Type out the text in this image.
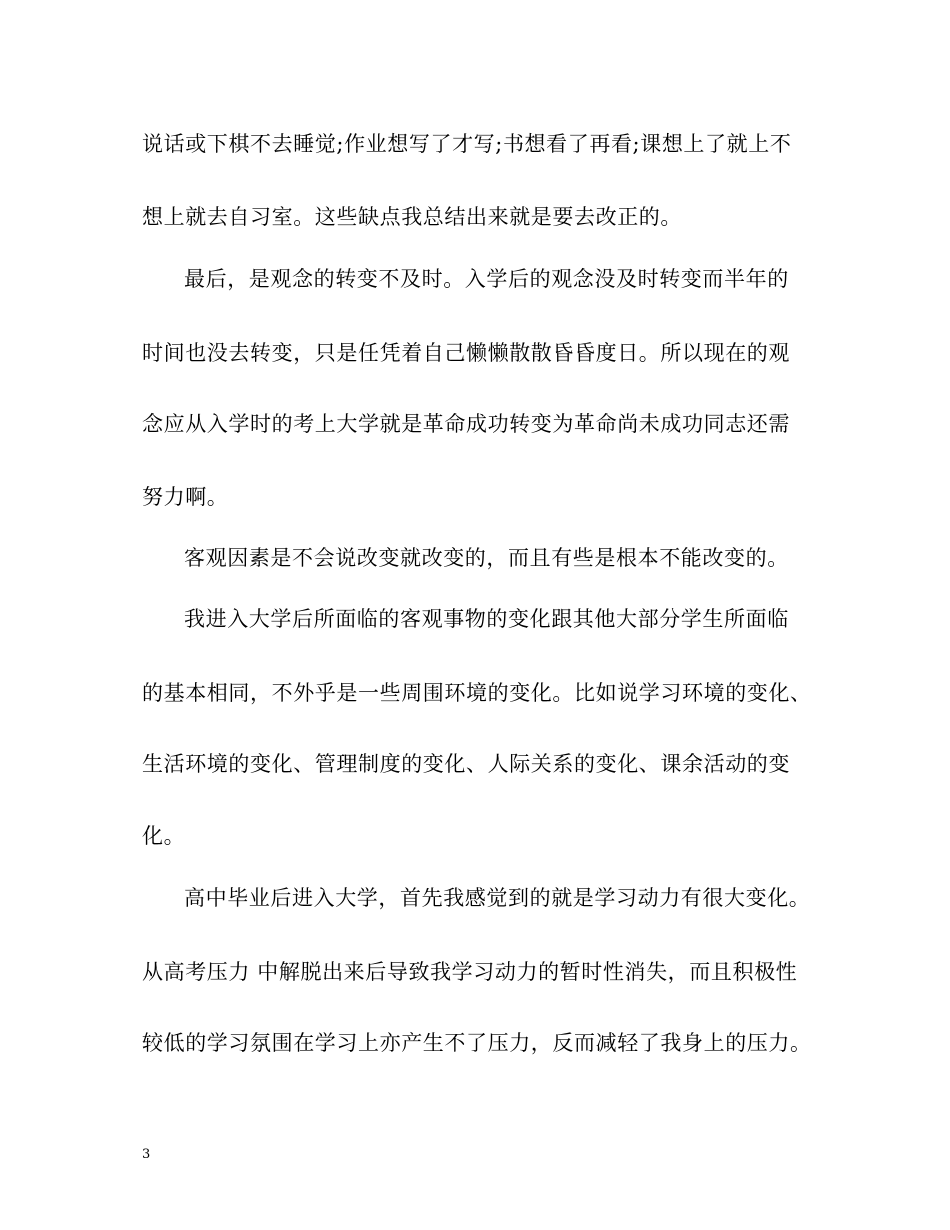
说话或下棋不去睡觉;作业想写了才写;书想看了再看;课想上了就上不
想上就去自习室。这些缺点我总结出来就是要去改正的。
最后，是观念的转变不及时。入学后的观念没及时转变而半年的
时间也没去转变，只是任凭着自己懒懒散散昏昏度日。所以现在的观
念应从入学时的考上大学就是革命成功转变为革命尚未成功同志还需
努力啊。
客观因素是不会说改变就改变的，而且有些是根本不能改变的。
我进入大学后所面临的客观事物的变化跟其他大部分学生所面临
的基本相同，不外乎是一些周围环境的变化。比如说学习环境的变化、
生活环境的变化、管理制度的变化、人际关系的变化、课余活动的变
化。
高中毕业后进入大学，首先我感觉到的就是学习动力有很大变化。
从高考压力 中解脱出来后导致我学习动力的暂时性消失，而且积极性
较低的学习氛围在学习上亦产生不了压力，反而减轻了我身上的压力。
3
